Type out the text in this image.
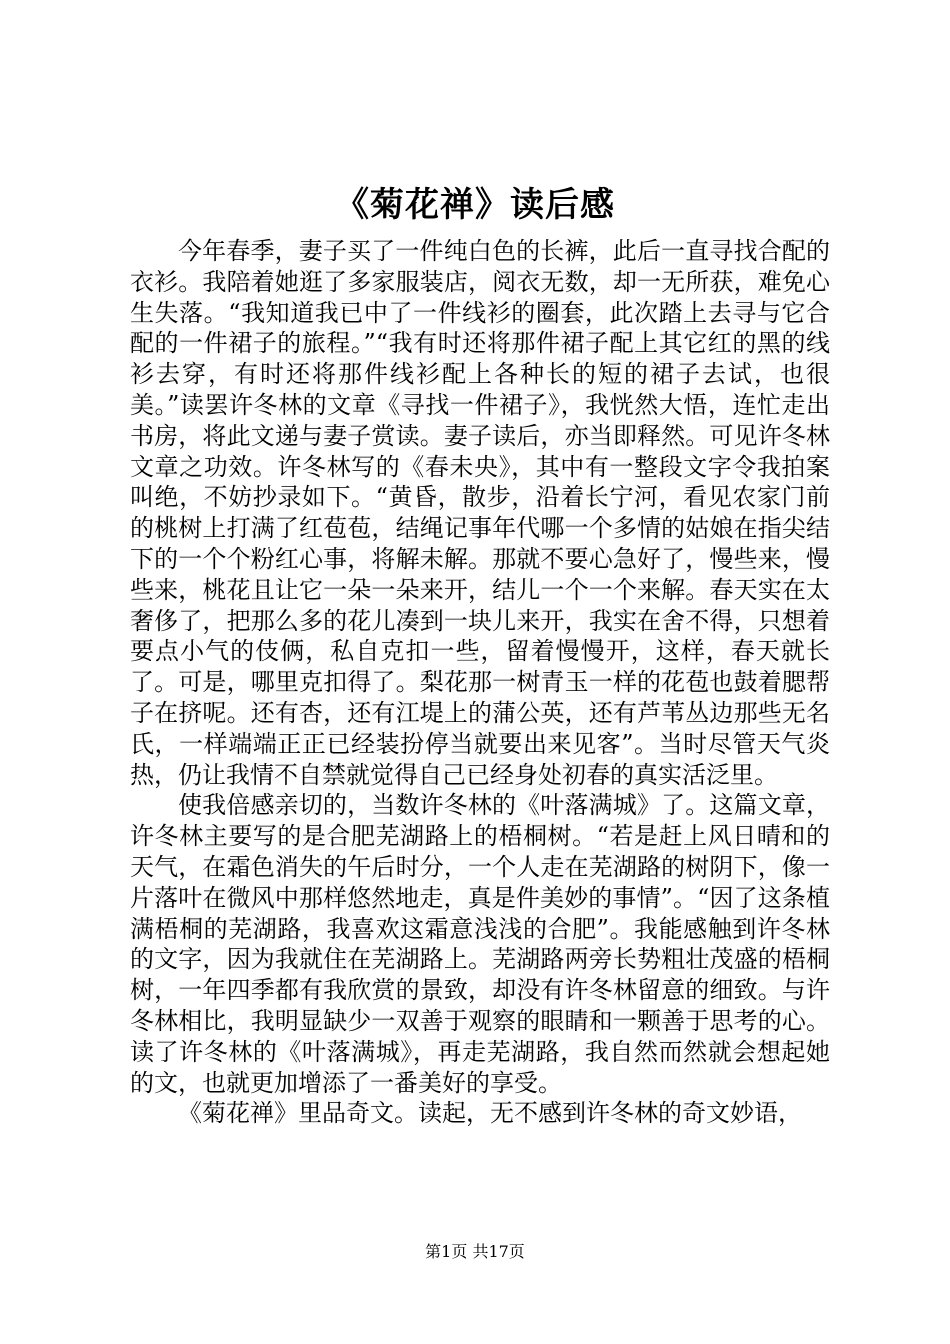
《菊花禅》读后感

今年春季，妻子买了一件纯白色的长裤，此后一直寻找合配的衣衫。我陪着她逛了多家服装店，阅衣无数，却一无所获，难免心生失落。“我知道我已中了一件线衫的圈套，此次踏上去寻与它合配的一件裙子的旅程。”“我有时还将那件裙子配上其它红的黑的线衫去穿，有时还将那件线衫配上各种长的短的裙子去试，也很美。”读罢许冬林的文章《寻找一件裙子》，我恍然大悟，连忙走出书房，将此文递与妻子赏读。妻子读后，亦当即释然。可见许冬林文章之功效。许冬林写的《春未央》，其中有一整段文字令我拍案叫绝，不妨抄录如下。“黄昏，散步，沿着长宁河，看见农家门前的桃树上打满了红苞苞，结绳记事年代哪一个多情的姑娘在指尖结下的一个个粉红心事，将解未解。那就不要心急好了，慢些来，慢些来，桃花且让它一朵一朵来开，结儿一个一个来解。春天实在太奢侈了，把那么多的花儿凑到一块儿来开，我实在舍不得，只想着要点小气的伎俩，私自克扣一些，留着慢慢开，这样，春天就长了。可是，哪里克扣得了。梨花那一树青玉一样的花苞也鼓着腮帮子在挤呢。还有杏，还有江堤上的蒲公英，还有芦苇丛边那些无名氏，一样端端正正已经装扮停当就要出来见客”。当时尽管天气炎热，仍让我情不自禁就觉得自己已经身处初春的真实活泛里。

使我倍感亲切的，当数许冬林的《叶落满城》了。这篇文章，许冬林主要写的是合肥芜湖路上的梧桐树。“若是赶上风日晴和的天气，在霜色消失的午后时分，一个人走在芜湖路的树阴下，像一片落叶在微风中那样悠然地走，真是件美妙的事情”。“因了这条植满梧桐的芜湖路，我喜欢这霜意浅浅的合肥”。我能感触到许冬林的文字，因为我就住在芜湖路上。芜湖路两旁长势粗壮茂盛的梧桐树，一年四季都有我欣赏的景致，却没有许冬林留意的细致。与许冬林相比，我明显缺少一双善于观察的眼睛和一颗善于思考的心。读了许冬林的《叶落满城》，再走芜湖路，我自然而然就会想起她的文，也就更加增添了一番美好的享受。

《菊花禅》里品奇文。读起，无不感到许冬林的奇文妙语，

第1页 共17页
